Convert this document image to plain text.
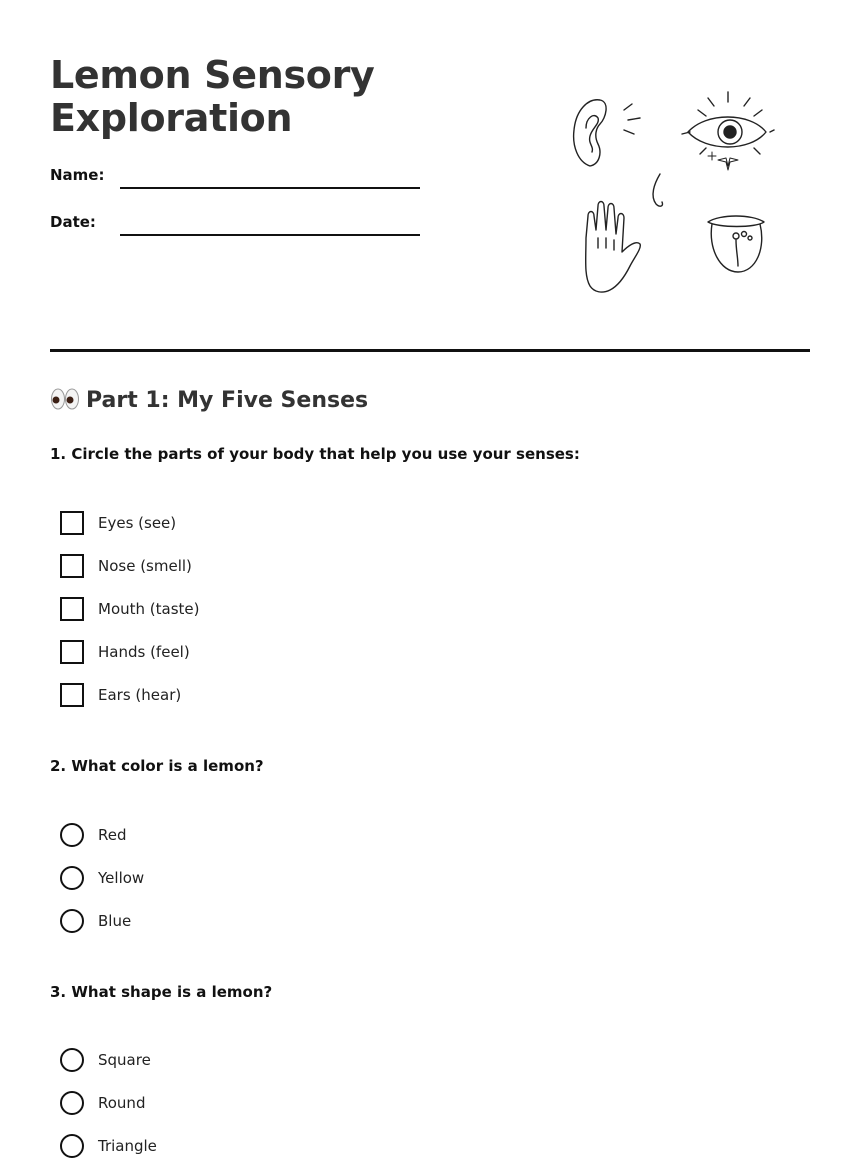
Lemon Sensory Exploration
Name:
Date:
Part 1: My Five Senses

1. Circle the parts of your body that help you use your senses:

Eyes (see)
Nose (smell)
Mouth (taste)
Hands (feel)
Ears (hear)

2. What color is a lemon?

Red
Yellow
Blue

3. What shape is a lemon?

Square
Round
Triangle
